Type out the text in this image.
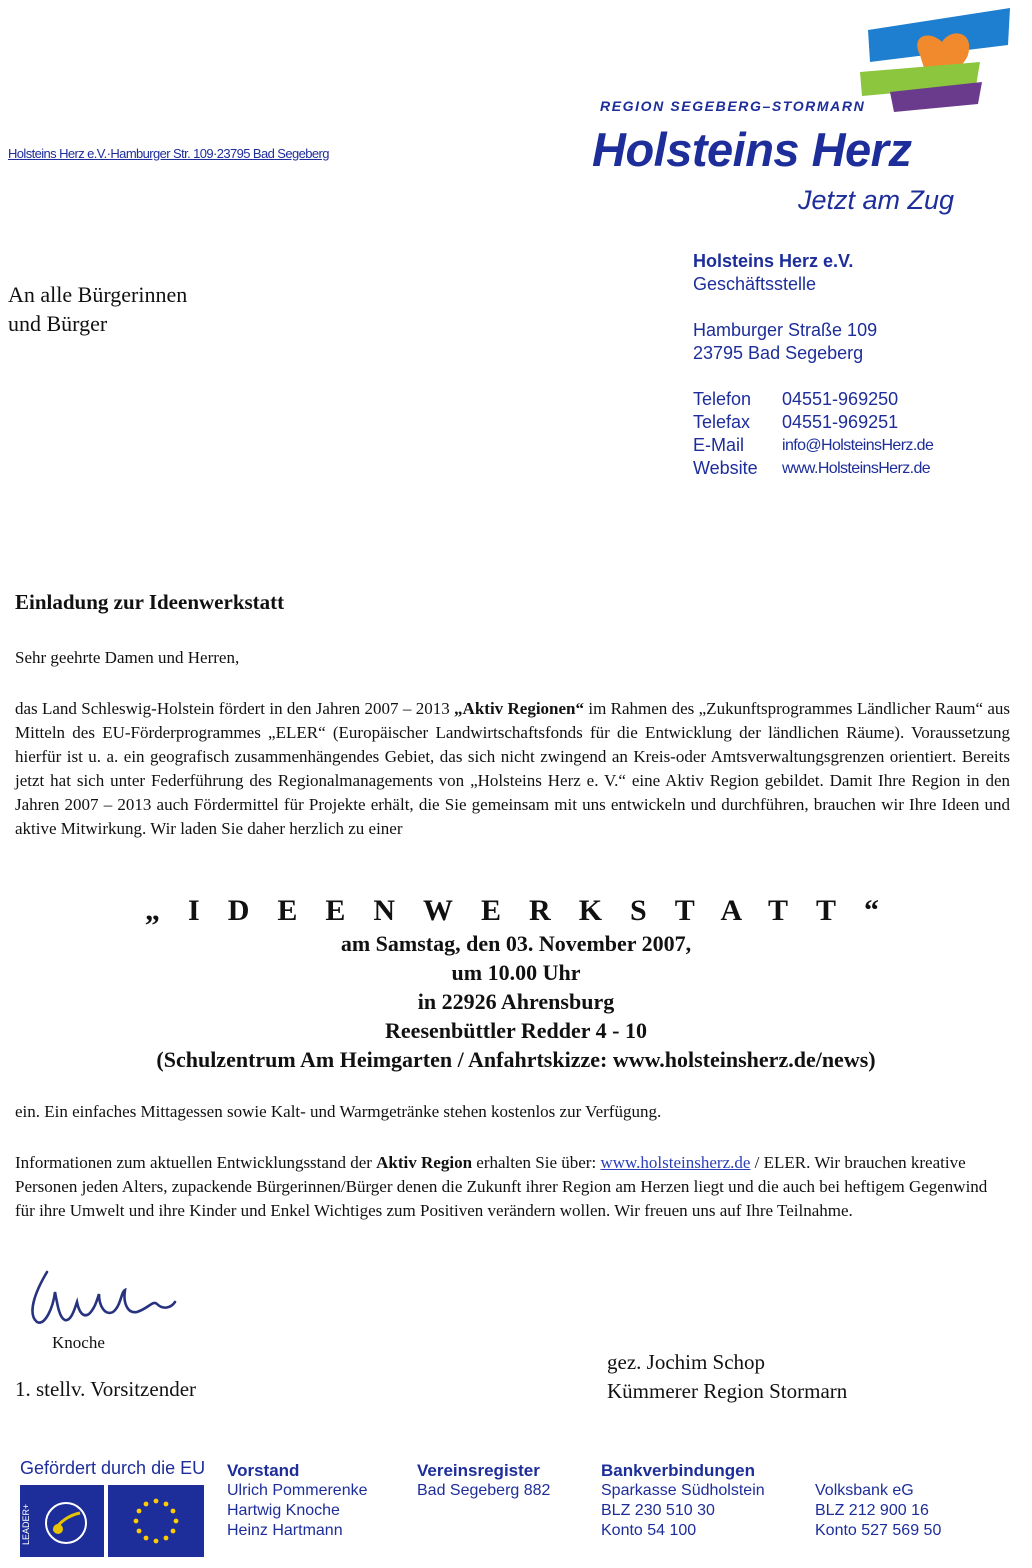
Holsteins Herz e.V.·Hamburger Str. 109·23795 Bad Segeberg
REGION SEGEBERG–STORMARN
Holsteins Herz
Jetzt am Zug
An alle Bürgerinnen
und Bürger
Holsteins Herz e.V.
Geschäftsstelle
Hamburger Straße 109
23795 Bad Segeberg
Telefon	04551-969250
Telefax	04551-969251
E-Mail	info@HolsteinsHerz.de
Website	www.HolsteinsHerz.de
Einladung zur Ideenwerkstatt
Sehr geehrte Damen und Herren,
das Land Schleswig-Holstein fördert in den Jahren 2007 – 2013 „Aktiv Regionen“ im Rahmen des „Zukunftsprogrammes Ländlicher Raum“ aus Mitteln des EU-Förderprogrammes „ELER“ (Europäischer Landwirtschaftsfonds für die Entwicklung der ländlichen Räume). Voraussetzung hierfür ist u. a. ein geografisch zusammenhängendes Gebiet, das sich nicht zwingend an Kreis-oder Amtsverwaltungsgrenzen orientiert. Bereits jetzt hat sich unter Federführung des Regionalmanagements von „Holsteins Herz e. V.“ eine Aktiv Region gebildet. Damit Ihre Region in den Jahren 2007 – 2013 auch Fördermittel für Projekte erhält, die Sie gemeinsam mit uns entwickeln und durchführen, brauchen wir Ihre Ideen und aktive Mitwirkung. Wir laden Sie daher herzlich zu einer
„IDEENWERKSTATT“
am Samstag, den 03. November 2007,
um 10.00 Uhr
in 22926 Ahrensburg
Reesenbüttler Redder 4 - 10
(Schulzentrum Am Heimgarten / Anfahrtskizze: www.holsteinsherz.de/news)
ein. Ein einfaches Mittagessen sowie Kalt- und Warmgetränke stehen kostenlos zur Verfügung.
Informationen zum aktuellen Entwicklungsstand der Aktiv Region erhalten Sie über: www.holsteinsherz.de / ELER. Wir brauchen kreative Personen jeden Alters, zupackende Bürgerinnen/Bürger denen die Zukunft ihrer Region am Herzen liegt und die auch bei heftigem Gegenwind für ihre Umwelt und ihre Kinder und Enkel Wichtiges zum Positiven verändern wollen. Wir freuen uns auf Ihre Teilnahme.
Knoche
1. stellv. Vorsitzender
gez. Jochim Schop
Kümmerer Region Stormarn
Gefördert durch die EU
LEADER+
Vorstand
Ulrich Pommerenke
Hartwig Knoche
Heinz Hartmann
Vereinsregister
Bad Segeberg 882
Bankverbindungen
Sparkasse Südholstein
BLZ 230 510 30
Konto 54 100
Volksbank eG
BLZ 212 900 16
Konto 527 569 50
